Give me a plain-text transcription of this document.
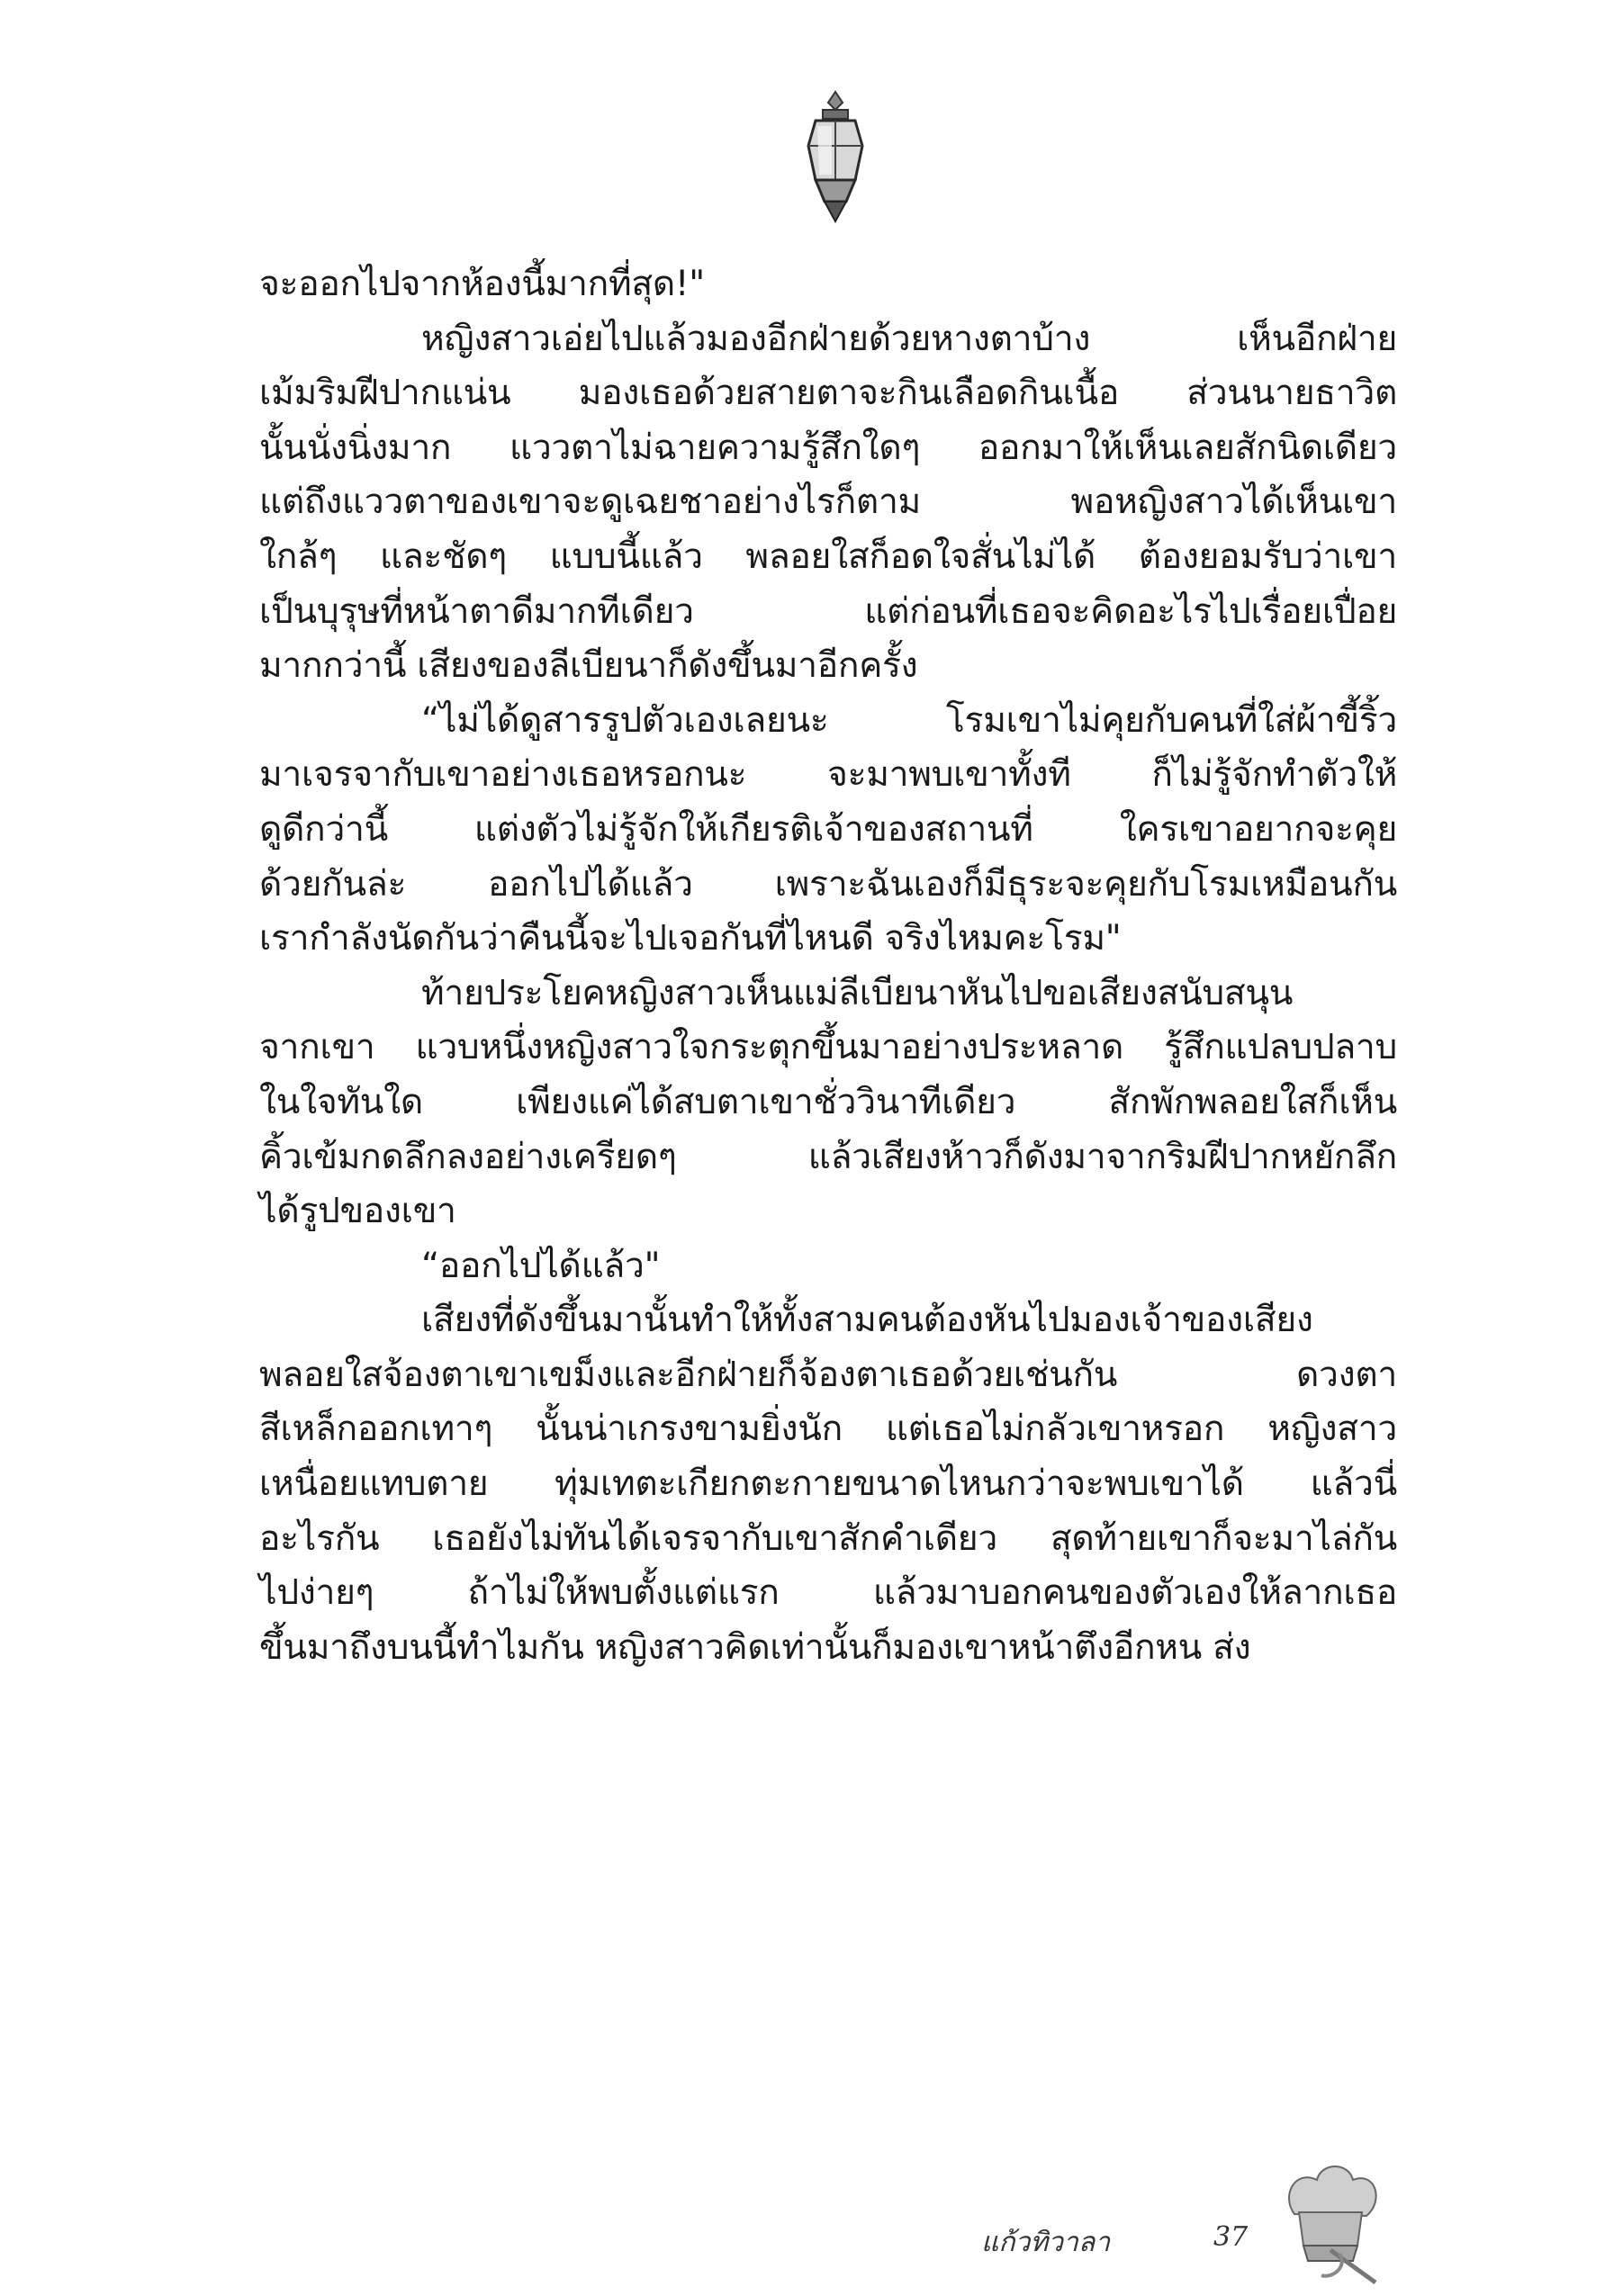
จะออกไปจากห้องนี้มากที่สุด!"
หญิงสาวเอ่ยไปแล้วมองอีกฝ่ายด้วยหางตาบ้าง เห็นอีกฝ่าย
เม้มริมฝีปากแน่น มองเธอด้วยสายตาจะกินเลือดกินเนื้อ ส่วนนายธาวิต
นั้นนั่งนิ่งมาก แววตาไม่ฉายความรู้สึกใดๆ ออกมาให้เห็นเลยสักนิดเดียว
แต่ถึงแววตาของเขาจะดูเฉยชาอย่างไรก็ตาม พอหญิงสาวได้เห็นเขา
ใกล้ๆ และชัดๆ แบบนี้แล้ว พลอยใสก็อดใจสั่นไม่ได้ ต้องยอมรับว่าเขา
เป็นบุรุษที่หน้าตาดีมากทีเดียว แต่ก่อนที่เธอจะคิดอะไรไปเรื่อยเปื่อย
มากกว่านี้ เสียงของลีเบียนาก็ดังขึ้นมาอีกครั้ง
“ไม่ได้ดูสารรูปตัวเองเลยนะ โรมเขาไม่คุยกับคนที่ใส่ผ้าขี้ริ้ว
มาเจรจากับเขาอย่างเธอหรอกนะ จะมาพบเขาทั้งที ก็ไม่รู้จักทำตัวให้
ดูดีกว่านี้ แต่งตัวไม่รู้จักให้เกียรติเจ้าของสถานที่ ใครเขาอยากจะคุย
ด้วยกันล่ะ ออกไปได้แล้ว เพราะฉันเองก็มีธุระจะคุยกับโรมเหมือนกัน
เรากำลังนัดกันว่าคืนนี้จะไปเจอกันที่ไหนดี จริงไหมคะโรม"
ท้ายประโยคหญิงสาวเห็นแม่ลีเบียนาหันไปขอเสียงสนับสนุน
จากเขา แวบหนึ่งหญิงสาวใจกระตุกขึ้นมาอย่างประหลาด รู้สึกแปลบปลาบ
ในใจทันใด เพียงแค่ได้สบตาเขาชั่ววินาทีเดียว สักพักพลอยใสก็เห็น
คิ้วเข้มกดลึกลงอย่างเครียดๆ แล้วเสียงห้าวก็ดังมาจากริมฝีปากหยักลึก
ได้รูปของเขา
“ออกไปได้แล้ว"
เสียงที่ดังขึ้นมานั้นทำให้ทั้งสามคนต้องหันไปมองเจ้าของเสียง
พลอยใสจ้องตาเขาเขม็งและอีกฝ่ายก็จ้องตาเธอด้วยเช่นกัน ดวงตา
สีเหล็กออกเทาๆ นั้นน่าเกรงขามยิ่งนัก แต่เธอไม่กลัวเขาหรอก หญิงสาว
เหนื่อยแทบตาย ทุ่มเทตะเกียกตะกายขนาดไหนกว่าจะพบเขาได้ แล้วนี่
อะไรกัน เธอยังไม่ทันได้เจรจากับเขาสักคำเดียว สุดท้ายเขาก็จะมาไล่กัน
ไปง่ายๆ ถ้าไม่ให้พบตั้งแต่แรก แล้วมาบอกคนของตัวเองให้ลากเธอ
ขึ้นมาถึงบนนี้ทำไมกัน หญิงสาวคิดเท่านั้นก็มองเขาหน้าตึงอีกหน ส่ง
แก้วทิวาลา	37
